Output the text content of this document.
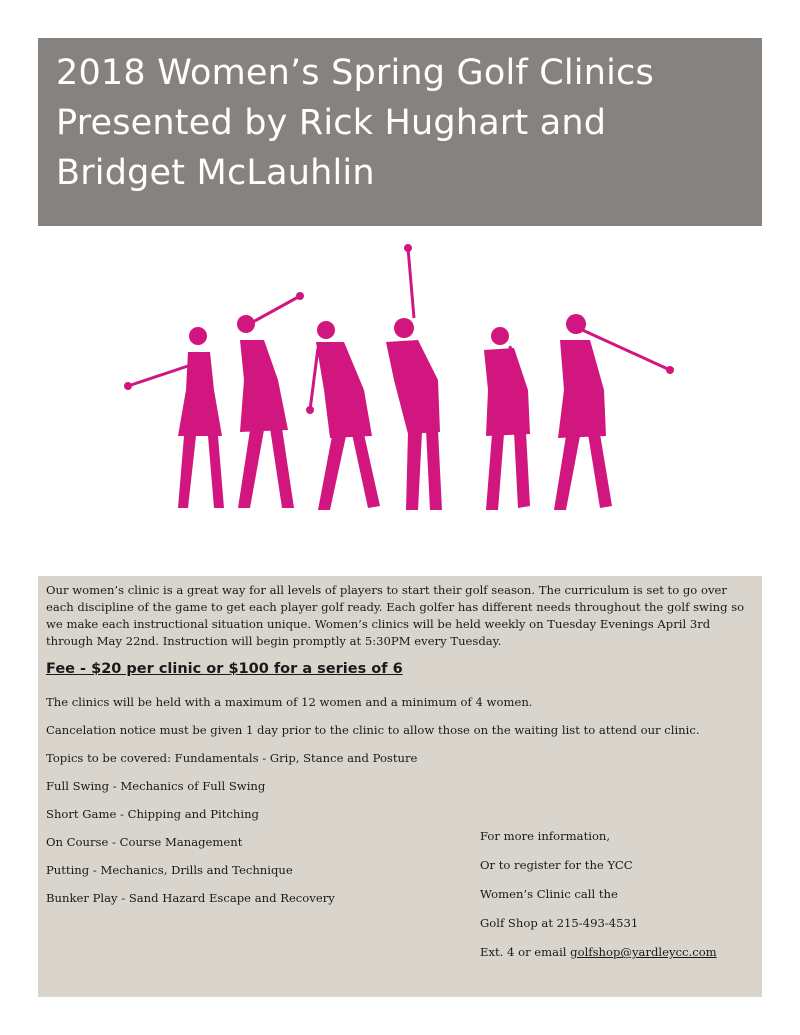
2018 Women’s Spring Golf Clinics
Presented by Rick Hughart and
Bridget McLauhlin

Our women’s clinic is a great way for all levels of players to start their golf season. The curriculum is set to go over each discipline of the game to get each player golf ready. Each golfer has different needs throughout the golf swing so we make each instructional situation unique. Women’s clinics will be held weekly on Tuesday Evenings April 3rd through May 22nd. Instruction will begin promptly at 5:30PM every Tuesday.

Fee - $20 per clinic or $100 for a series of 6

The clinics will be held with a maximum of 12 women and a minimum of 4 women.
Cancelation notice must be given 1 day prior to the clinic to allow those on the waiting list to attend our clinic.
Topics to be covered: Fundamentals - Grip, Stance and Posture
Full Swing - Mechanics of Full Swing
Short Game - Chipping and Pitching
On Course - Course Management
Putting - Mechanics, Drills and Technique
Bunker Play - Sand Hazard Escape and Recovery
For more information,
Or to register for the YCC
Women’s Clinic call the
Golf Shop at 215-493-4531
Ext. 4 or email golfshop@yardleycc.com
